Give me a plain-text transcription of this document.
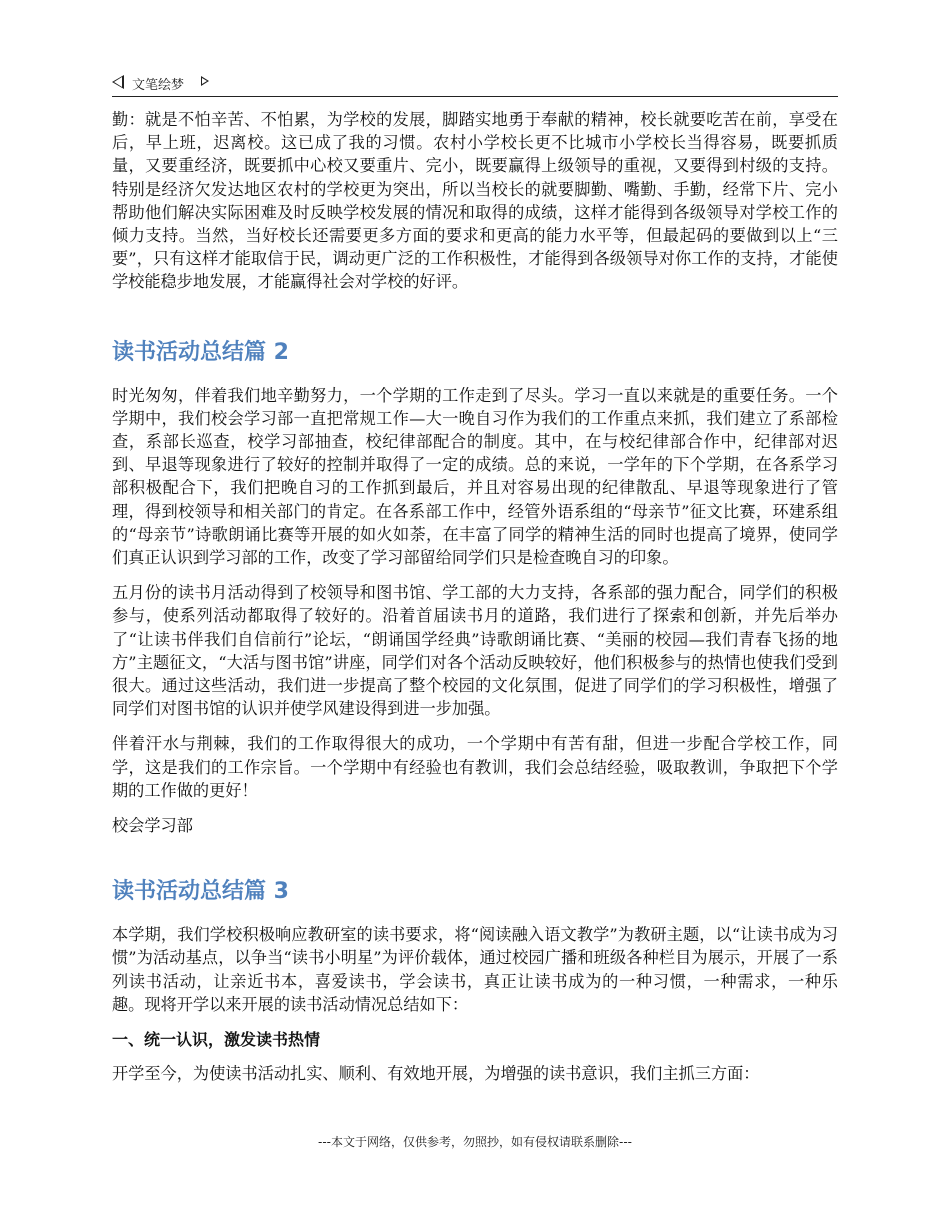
文笔绘梦

勤：就是不怕辛苦、不怕累，为学校的发展，脚踏实地勇于奉献的精神，校长就要吃苦在前，享受在后，早上班，迟离校。这已成了我的习惯。农村小学校长更不比城市小学校长当得容易，既要抓质量，又要重经济，既要抓中心校又要重片、完小，既要赢得上级领导的重视，又要得到村级的支持。特别是经济欠发达地区农村的学校更为突出，所以当校长的就要脚勤、嘴勤、手勤，经常下片、完小帮助他们解决实际困难及时反映学校发展的情况和取得的成绩，这样才能得到各级领导对学校工作的倾力支持。当然，当好校长还需要更多方面的要求和更高的能力水平等，但最起码的要做到以上“三要”，只有这样才能取信于民，调动更广泛的工作积极性，才能得到各级领导对你工作的支持，才能使学校能稳步地发展，才能赢得社会对学校的好评。

读书活动总结篇 2

时光匆匆，伴着我们地辛勤努力，一个学期的工作走到了尽头。学习一直以来就是的重要任务。一个学期中，我们校会学习部一直把常规工作—大一晚自习作为我们的工作重点来抓，我们建立了系部检查，系部长巡查，校学习部抽查，校纪律部配合的制度。其中，在与校纪律部合作中，纪律部对迟到、早退等现象进行了较好的控制并取得了一定的成绩。总的来说，一学年的下个学期，在各系学习部积极配合下，我们把晚自习的工作抓到最后，并且对容易出现的纪律散乱、早退等现象进行了管理，得到校领导和相关部门的肯定。在各系部工作中，经管外语系组的“母亲节”征文比赛，环建系组的“母亲节”诗歌朗诵比赛等开展的如火如荼，在丰富了同学的精神生活的同时也提高了境界，使同学们真正认识到学习部的工作，改变了学习部留给同学们只是检查晚自习的印象。

五月份的读书月活动得到了校领导和图书馆、学工部的大力支持，各系部的强力配合，同学们的积极参与，使系列活动都取得了较好的。沿着首届读书月的道路，我们进行了探索和创新，并先后举办了“让读书伴我们自信前行”论坛，“朗诵国学经典”诗歌朗诵比赛、“美丽的校园—我们青春飞扬的地方”主题征文，“大活与图书馆”讲座，同学们对各个活动反映较好，他们积极参与的热情也使我们受到很大。通过这些活动，我们进一步提高了整个校园的文化氛围，促进了同学们的学习积极性，增强了同学们对图书馆的认识并使学风建设得到进一步加强。

伴着汗水与荆棘，我们的工作取得很大的成功，一个学期中有苦有甜，但进一步配合学校工作，同学，这是我们的工作宗旨。一个学期中有经验也有教训，我们会总结经验，吸取教训，争取把下个学期的工作做的更好！

校会学习部

读书活动总结篇 3

本学期，我们学校积极响应教研室的读书要求，将“阅读融入语文教学”为教研主题，以“让读书成为习惯”为活动基点，以争当“读书小明星”为评价载体，通过校园广播和班级各种栏目为展示，开展了一系列读书活动，让亲近书本，喜爱读书，学会读书，真正让读书成为的一种习惯，一种需求，一种乐趣。现将开学以来开展的读书活动情况总结如下：

一、统一认识，激发读书热情

开学至今，为使读书活动扎实、顺利、有效地开展，为增强的读书意识，我们主抓三方面：

---本文于网络，仅供参考，勿照抄，如有侵权请联系删除---
